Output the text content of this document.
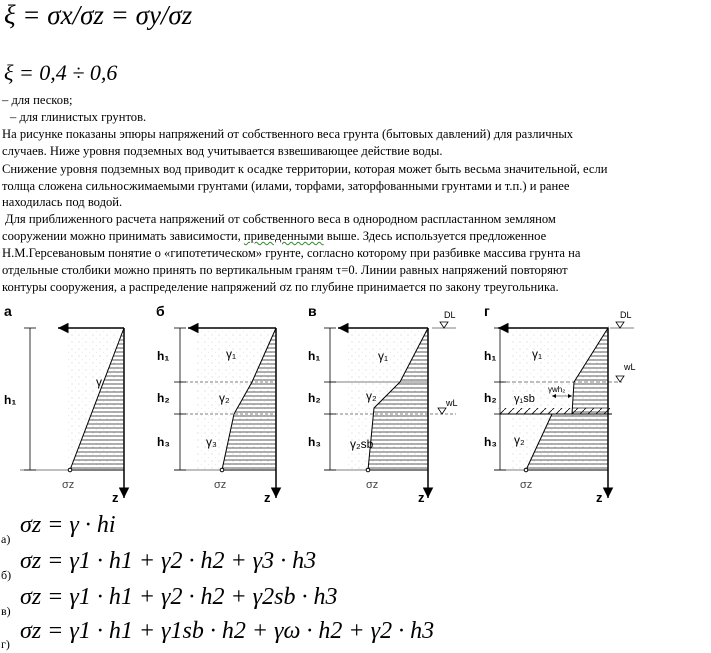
ξ = σx/σz = σy/σz
ξ = 0,4 ÷ 0,6
– для песков;
– для глинистых грунтов.
На рисунке показаны эпюры напряжений от собственного веса грунта (бытовых давлений) для различных
случаев. Ниже уровня подземных вод учитывается взвешивающее действие воды.
Снижение уровня подземных вод приводит к осадке территории, которая может быть весьма значительной, если
толща сложена сильносжимаемыми грунтами (илами, торфами, заторфованными грунтами и т.п.) и ранее
находилась под водой.
Для приближенного расчета напряжений от собственного веса в однородном распластанном земляном
сооружении можно принимать зависимости, приведенными выше. Здесь используется предложенное
Н.М.Герсевановым понятие о «гипотетическом» грунте, согласно которому при разбивке массива грунта на
отдельные столбики можно принять по вертикальным граням τ=0. Линии равных напряжений повторяют
контуры сооружения, а распределение напряжений σz по глубине принимается по закону треугольника.
а
h₁
γ
σz
z
б
h₁
h₂
h₃
γ₁
γ₂
γ₃
σz
z
в	DL
wL
h₁
h₂
h₃
γ₁
γ₂
γ₂sb
σz
z
г
γwh₂
DL
wL
h₁
h₂
h₃
γ₁
γ₁sb
γ₂
σz
z
а)
σz = γ · hi
б)
σz = γ1 · h1 + γ2 · h2 + γ3 · h3
в)
σz = γ1 · h1 + γ2 · h2 + γ2sb · h3
г) σz = γ1 · h1 + γ1sb · h2 + γω · h2 + γ2 · h3
